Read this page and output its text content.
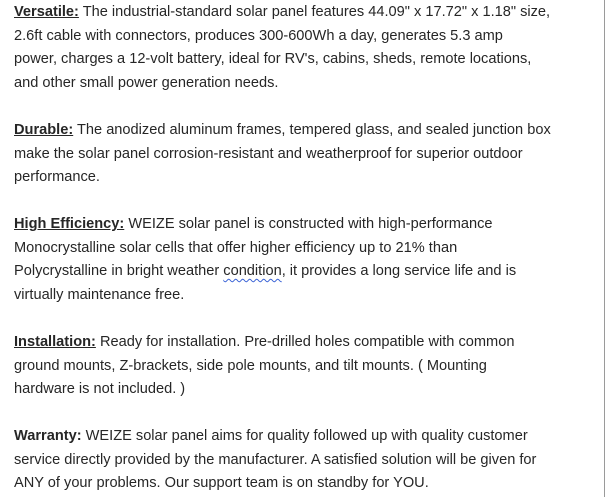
Versatile: The industrial-standard solar panel features 44.09" x 17.72" x 1.18" size,
2.6ft cable with connectors, produces 300-600Wh a day, generates 5.3 amp
power, charges a 12-volt battery, ideal for RV's, cabins, sheds, remote locations,
and other small power generation needs.

Durable: The anodized aluminum frames, tempered glass, and sealed junction box
make the solar panel corrosion-resistant and weatherproof for superior outdoor
performance.

High Efficiency: WEIZE solar panel is constructed with high-performance
Monocrystalline solar cells that offer higher efficiency up to 21% than
Polycrystalline in bright weather condition, it provides a long service life and is
virtually maintenance free.

Installation: Ready for installation. Pre-drilled holes compatible with common
ground mounts, Z-brackets, side pole mounts, and tilt mounts. ( Mounting
hardware is not included. )

Warranty: WEIZE solar panel aims for quality followed up with quality customer
service directly provided by the manufacturer. A satisfied solution will be given for
ANY of your problems. Our support team is on standby for YOU.
